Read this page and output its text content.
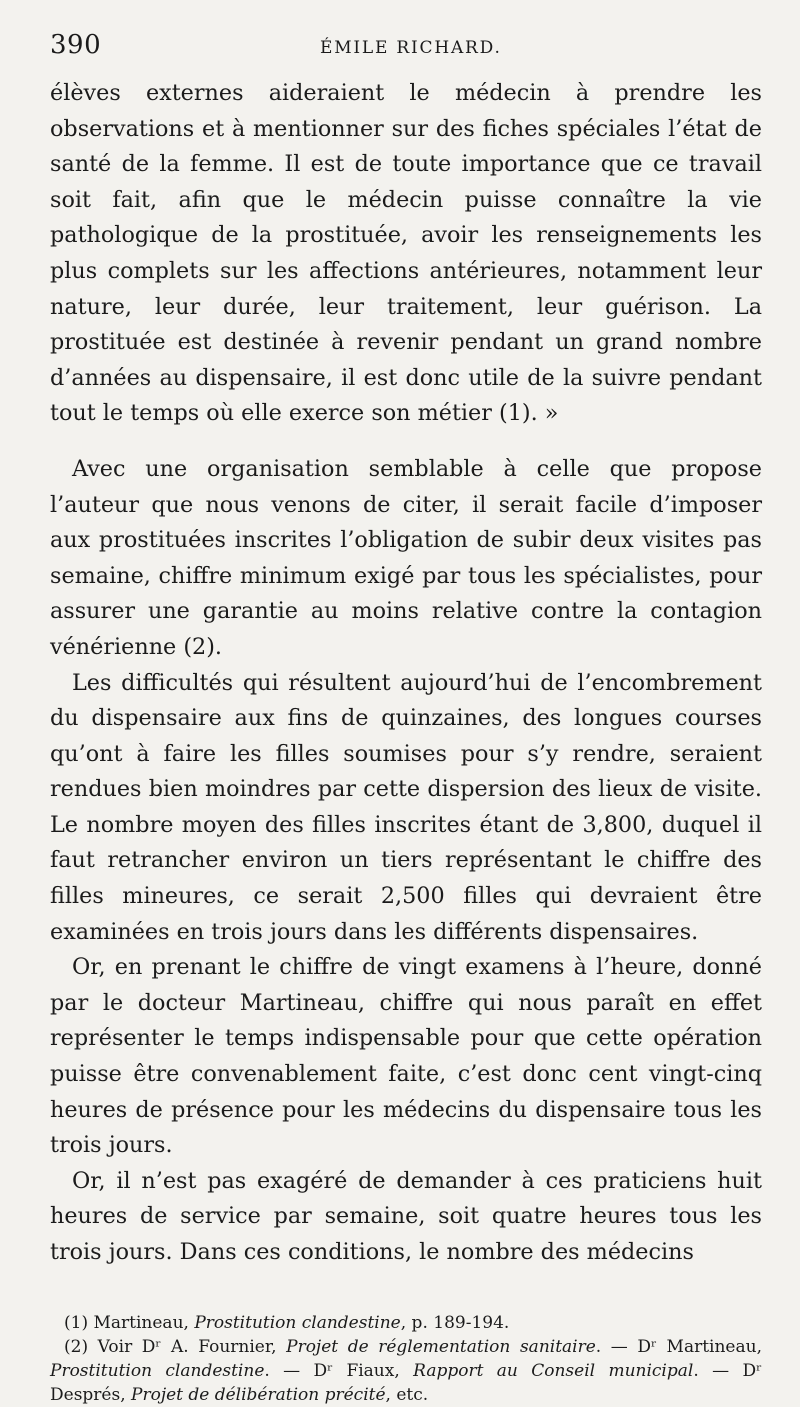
390	ÉMILE RICHARD.

élèves externes aideraient le médecin à prendre les observations et à mentionner sur des fiches spéciales l’état de santé de la femme. Il est de toute importance que ce travail soit fait, afin que le médecin puisse connaître la vie pathologique de la prostituée, avoir les renseignements les plus complets sur les affections antérieures, notamment leur nature, leur durée, leur traitement, leur guérison. La prostituée est destinée à revenir pendant un grand nombre d’années au dispensaire, il est donc utile de la suivre pendant tout le temps où elle exerce son métier (1). »

Avec une organisation semblable à celle que propose l’auteur que nous venons de citer, il serait facile d’imposer aux prostituées inscrites l’obligation de subir deux visites pas semaine, chiffre minimum exigé par tous les spécialistes, pour assurer une garantie au moins relative contre la contagion vénérienne (2).

Les difficultés qui résultent aujourd’hui de l’encombrement du dispensaire aux fins de quinzaines, des longues courses qu’ont à faire les filles soumises pour s’y rendre, seraient rendues bien moindres par cette dispersion des lieux de visite. Le nombre moyen des filles inscrites étant de 3,800, duquel il faut retrancher environ un tiers représentant le chiffre des filles mineures, ce serait 2,500 filles qui devraient être examinées en trois jours dans les différents dispensaires.

Or, en prenant le chiffre de vingt examens à l’heure, donné par le docteur Martineau, chiffre qui nous paraît en effet représenter le temps indispensable pour que cette opération puisse être convenablement faite, c’est donc cent vingt-cinq heures de présence pour les médecins du dispensaire tous les trois jours.

Or, il n’est pas exagéré de demander à ces praticiens huit heures de service par semaine, soit quatre heures tous les trois jours. Dans ces conditions, le nombre des médecins

(1) Martineau, Prostitution clandestine, p. 189-194.

(2) Voir Dʳ A. Fournier, Projet de réglementation sanitaire. — Dʳ Martineau, Prostitution clandestine. — Dʳ Fiaux, Rapport au Conseil municipal. — Dʳ Després, Projet de délibération précité, etc.
